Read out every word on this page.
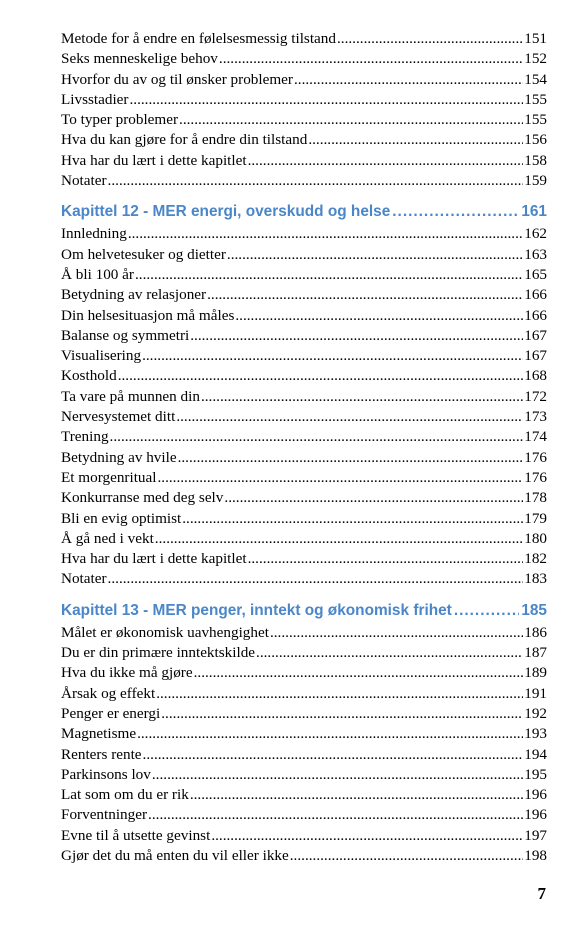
Metode for å endre en følelsesmessig tilstand .....	151
Seks menneskelige behov .....	152
Hvorfor du av og til ønsker problemer .....	154
Livsstadier .....	155
To typer problemer .....	155
Hva du kan gjøre for å endre din tilstand .....	156
Hva har du lært i dette kapitlet .....	158
Notater .....	159
Kapittel 12 - MER energi, overskudd og helse .....	161
Innledning .....	162
Om helvetesuker og dietter .....	163
Å bli 100 år .....	165
Betydning av relasjoner .....	166
Din helsesituasjon må måles .....	166
Balanse og symmetri .....	167
Visualisering .....	167
Kosthold .....	168
Ta vare på munnen din .....	172
Nervesystemet ditt .....	173
Trening .....	174
Betydning av hvile .....	176
Et morgenritual .....	176
Konkurranse med deg selv .....	178
Bli en evig optimist .....	179
Å gå ned i vekt .....	180
Hva har du lært i dette kapitlet .....	182
Notater .....	183
Kapittel 13 - MER penger, inntekt og økonomisk frihet .....	185
Målet er økonomisk uavhengighet .....	186
Du er din primære inntektskilde .....	187
Hva du ikke må gjøre .....	189
Årsak og effekt .....	191
Penger er energi .....	192
Magnetisme .....	193
Renters rente .....	194
Parkinsons lov .....	195
Lat som om du er rik .....	196
Forventninger .....	196
Evne til å utsette gevinst .....	197
Gjør det du må enten du vil eller ikke .....	198
7
